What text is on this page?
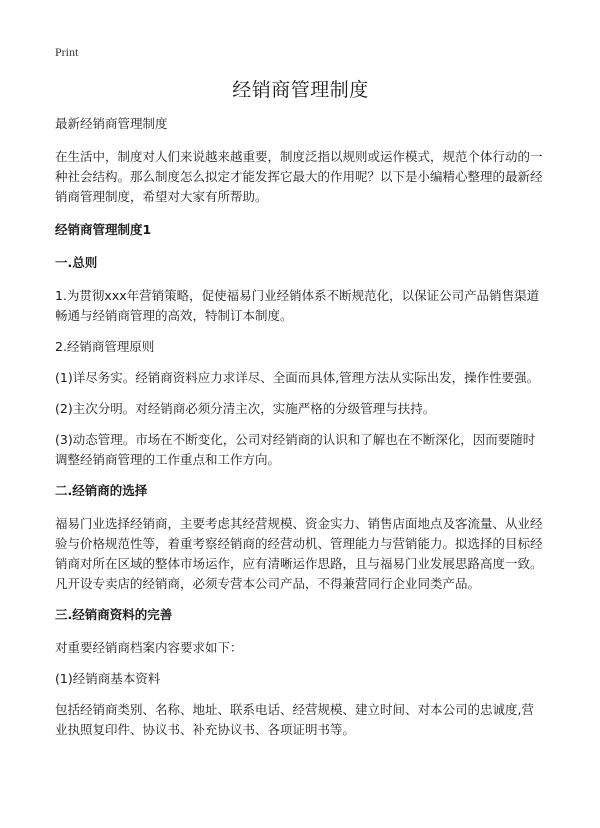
Print
经销商管理制度
最新经销商管理制度
在生活中，制度对人们来说越来越重要，制度泛指以规则或运作模式，规范个体行动的一种社会结构。那么制度怎么拟定才能发挥它最大的作用呢？以下是小编精心整理的最新经销商管理制度，希望对大家有所帮助。
经销商管理制度1
一.总则
1.为贯彻xxx年营销策略，促使福易门业经销体系不断规范化，以保证公司产品销售渠道畅通与经销商管理的高效，特制订本制度。
2.经销商管理原则
(1)详尽务实。经销商资料应力求详尽、全面而具体,管理方法从实际出发，操作性要强。
(2)主次分明。对经销商必须分清主次，实施严格的分级管理与扶持。
(3)动态管理。市场在不断变化，公司对经销商的认识和了解也在不断深化，因而要随时调整经销商管理的工作重点和工作方向。
二.经销商的选择
福易门业选择经销商，主要考虑其经营规模、资金实力、销售店面地点及客流量、从业经验与价格规范性等，着重考察经销商的经营动机、管理能力与营销能力。拟选择的目标经销商对所在区域的整体市场运作，应有清晰运作思路，且与福易门业发展思路高度一致。凡开设专卖店的经销商，必须专营本公司产品，不得兼营同行企业同类产品。
三.经销商资料的完善
对重要经销商档案内容要求如下：
(1)经销商基本资料
包括经销商类别、名称、地址、联系电话、经营规模、建立时间、对本公司的忠诚度,营业执照复印件、协议书、补充协议书、各项证明书等。
